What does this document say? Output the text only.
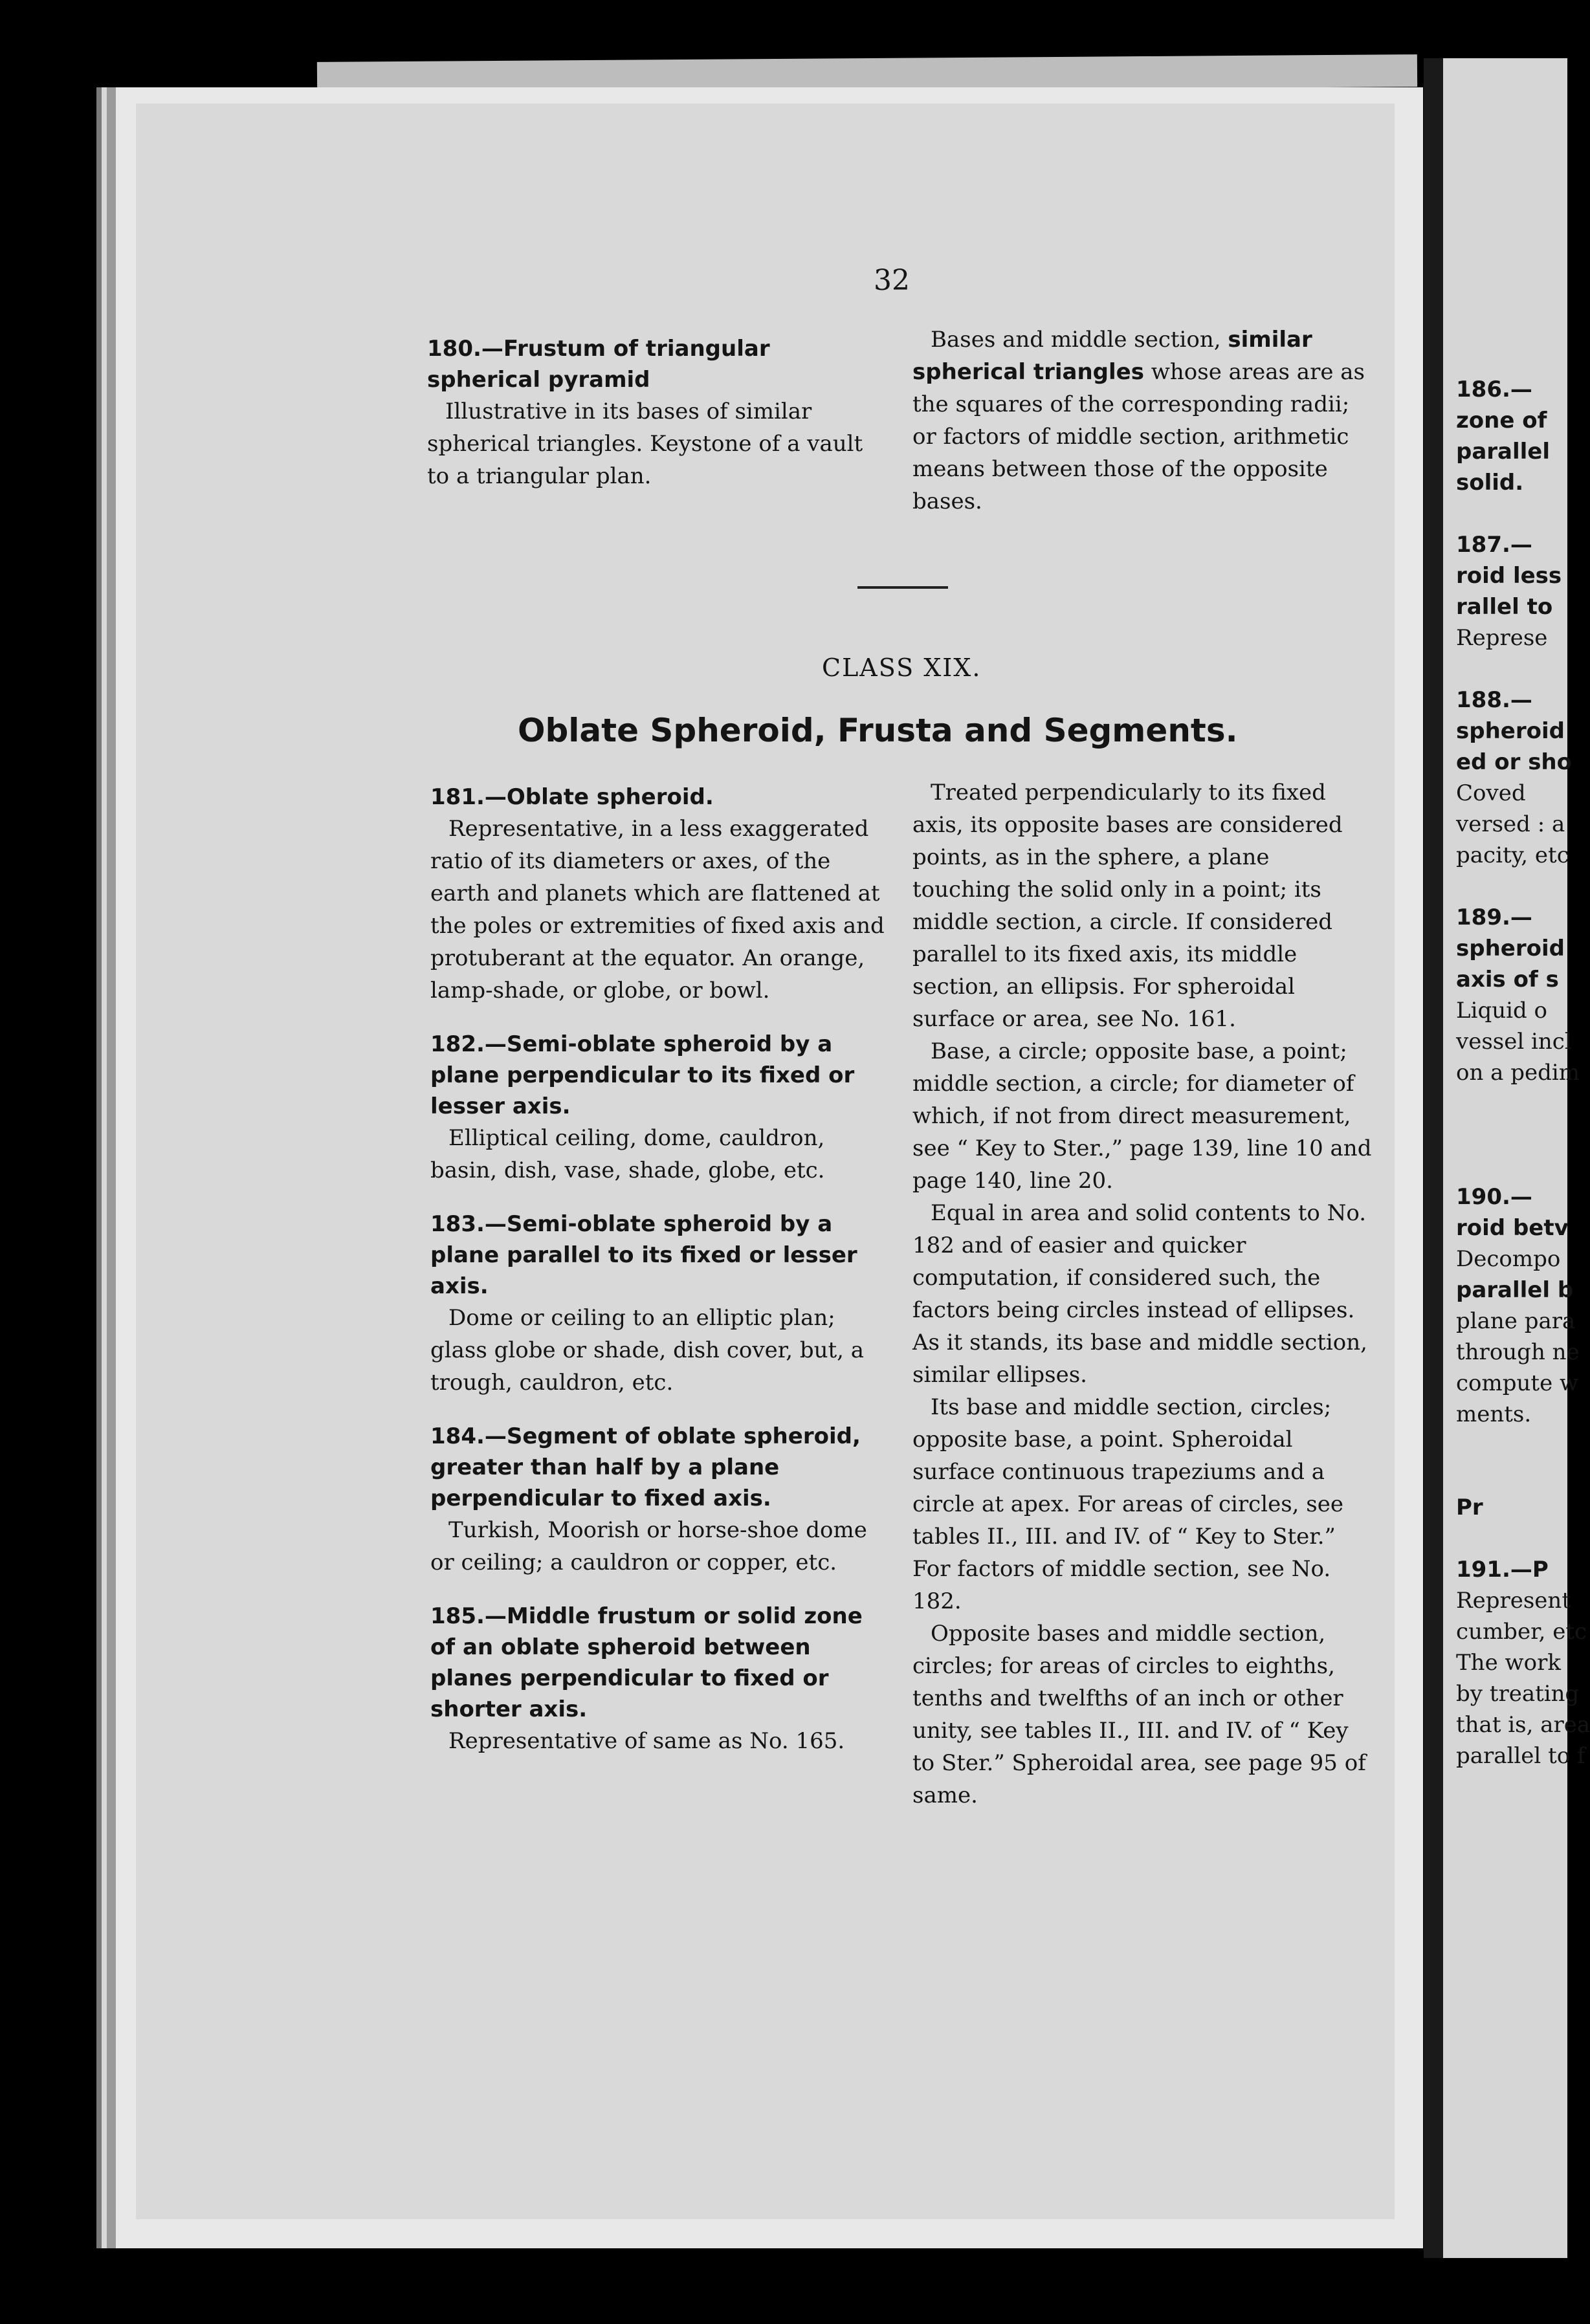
32

180.—Frustum of triangular spherical pyramid

Illustrative in its bases of similar spherical triangles. Keystone of a vault to a triangular plan.

Bases and middle section, similar spherical triangles whose areas are as the squares of the corresponding radii; or factors of middle section, arithmetic means between those of the opposite bases.

CLASS XIX.
Oblate Spheroid, Frusta and Segments.

181.—Oblate spheroid.

Representative, in a less exaggerated ratio of its diameters or axes, of the earth and planets which are flattened at the poles or extremities of fixed axis and protuberant at the equator. An orange, lamp-shade, or globe, or bowl.

182.—Semi-oblate spheroid by a plane perpendicular to its fixed or lesser axis.

Elliptical ceiling, dome, cauldron, basin, dish, vase, shade, globe, etc.

183.—Semi-oblate spheroid by a plane parallel to its fixed or lesser axis.

Dome or ceiling to an elliptic plan; glass globe or shade, dish cover, but, a trough, cauldron, etc.

184.—Segment of oblate spheroid, greater than half by a plane perpendicular to fixed axis.

Turkish, Moorish or horse-shoe dome or ceiling; a cauldron or copper, etc.

185.—Middle frustum or solid zone of an oblate spheroid between planes perpendicular to fixed or shorter axis.

Representative of same as No. 165.

Treated perpendicularly to its fixed axis, its opposite bases are considered points, as in the sphere, a plane touching the solid only in a point; its middle section, a circle. If considered parallel to its fixed axis, its middle section, an ellipsis. For spheroidal surface or area, see No. 161.

Base, a circle; opposite base, a point; middle section, a circle; for diameter of which, if not from direct measurement, see “ Key to Ster.,” page 139, line 10 and page 140, line 20.

Equal in area and solid contents to No. 182 and of easier and quicker computation, if considered such, the factors being circles instead of ellipses. As it stands, its base and middle section, similar ellipses.

Its base and middle section, circles; opposite base, a point. Spheroidal surface continuous trapeziums and a circle at apex. For areas of circles, see tables II., III. and IV. of “ Key to Ster.” For factors of middle section, see No. 182.

Opposite bases and middle section, circles; for areas of circles to eighths, tenths and twelfths of an inch or other unity, see tables II., III. and IV. of “ Key to Ster.” Spheroidal area, see page 95 of same.

186.—
zone of
parallel
solid.

187.—
roid less
rallel to
Represe

188.—
spheroid
ed or sho
Coved
versed : a
pacity, etc

189.—
spheroid
axis of s
Liquid o
vessel incl
on a pedim

190.—
roid betv
Decompo
parallel b
plane para
through ne
compute w
ments.

Pr

191.—P
Represent
cumber, etc
The work
by treating
that is, area
parallel to f
